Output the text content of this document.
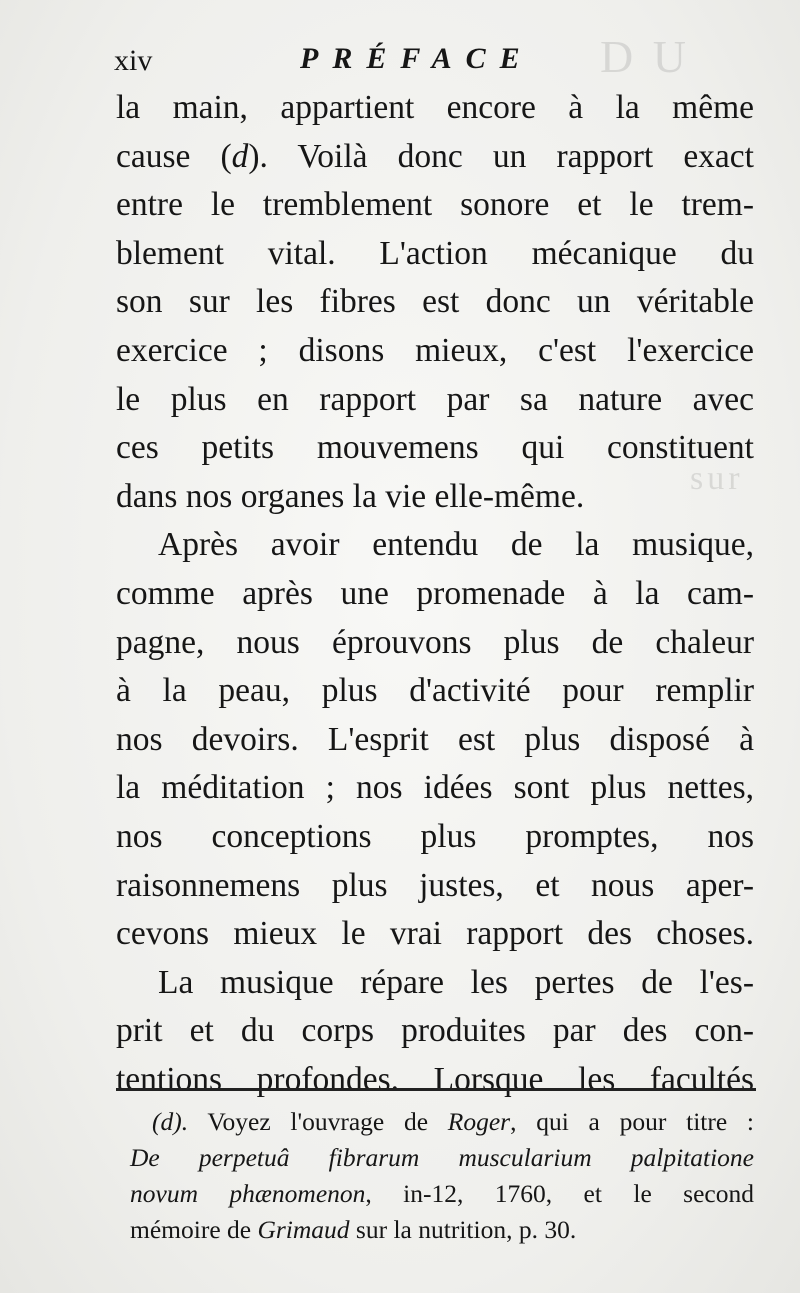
D U
sur
xiv	PRÉFACE
la main, appartient encore à la même
cause (d). Voilà donc un rapport exact
entre le tremblement sonore et le trem-
blement vital. L'action mécanique du
son sur les fibres est donc un véritable
exercice ; disons mieux, c'est l'exercice
le plus en rapport par sa nature avec
ces petits mouvemens qui constituent
dans nos organes la vie elle-même.
Après avoir entendu de la musique,
comme après une promenade à la cam-
pagne, nous éprouvons plus de chaleur
à la peau, plus d'activité pour remplir
nos devoirs. L'esprit est plus disposé à
la méditation ; nos idées sont plus nettes,
nos conceptions plus promptes, nos
raisonnemens plus justes, et nous aper-
cevons mieux le vrai rapport des choses.
La musique répare les pertes de l'es-
prit et du corps produites par des con-
tentions profondes. Lorsque les facultés
(d). Voyez l'ouvrage de Roger, qui a pour titre :
De perpetuâ fibrarum muscularium palpitatione
novum phænomenon, in-12, 1760, et le second
mémoire de Grimaud sur la nutrition, p. 30.
